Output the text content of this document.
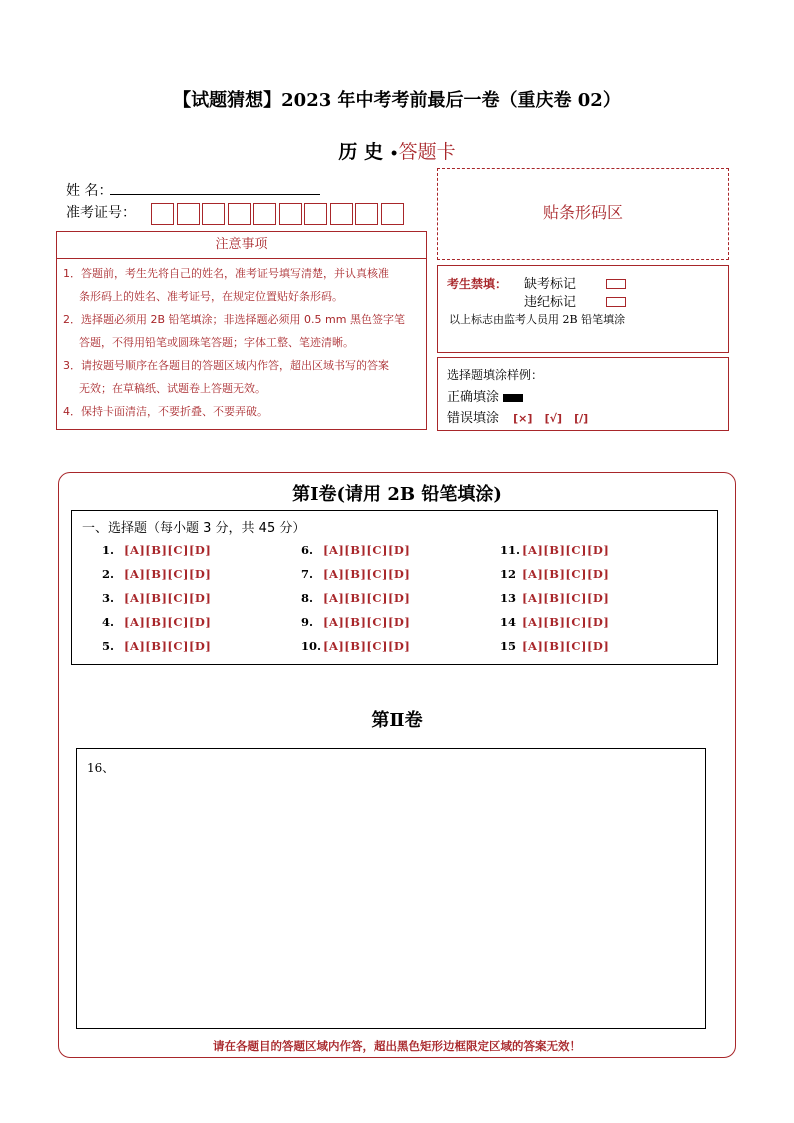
【试题猜想】2023 年中考考前最后一卷（重庆卷 02）
历 史 •答题卡
姓 名：
准考证号：
注意事项

1．答题前，考生先将自己的姓名，准考证号填写清楚，并认真核准

条形码上的姓名、准考证号，在规定位置贴好条形码。

2．选择题必须用 2B 铅笔填涂；非选择题必须用 0.5 mm 黑色签字笔

答题，不得用铅笔或圆珠笔答题；字体工整、笔迹清晰。

3．请按题号顺序在各题目的答题区域内作答，超出区域书写的答案

无效；在草稿纸、试题卷上答题无效。

4．保持卡面清洁，不要折叠、不要弄破。

贴条形码区
考生禁填： 缺考标记
违纪标记
以上标志由监考人员用 2B 铅笔填涂
选择题填涂样例：
正确填涂
错误填涂 [×] [√] [/]
第Ⅰ卷(请用 2B 铅笔填涂)
一、选择题（每小题 3 分，共 45 分）
1. [A][B][C][D]
2. [A][B][C][D]
3. [A][B][C][D]
4. [A][B][C][D]
5. [A][B][C][D]
6. [A][B][C][D]
7. [A][B][C][D]
8. [A][B][C][D]
9. [A][B][C][D]
10. [A][B][C][D]
11. [A][B][C][D]
12 [A][B][C][D]
13 [A][B][C][D]
14 [A][B][C][D]
15 [A][B][C][D]
第Ⅱ卷
16、
请在各题目的答题区域内作答，超出黑色矩形边框限定区域的答案无效！
